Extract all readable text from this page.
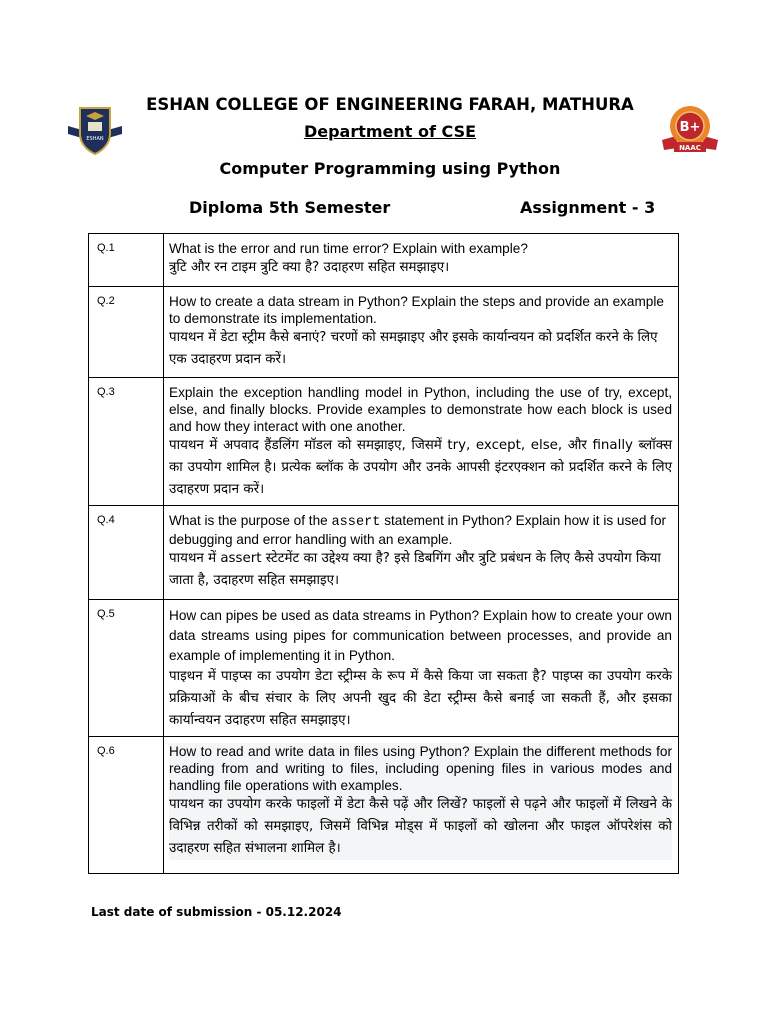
ESHAN
B+
NAAC
ESHAN COLLEGE OF ENGINEERING FARAH, MATHURA
Department of CSE
Computer Programming using Python
Diploma 5th Semester	Assignment - 3
Q.1	What is the error and run time error? Explain with example?
त्रुटि और रन टाइम त्रुटि क्या है? उदाहरण सहित समझाइए।

Q.2	How to create a data stream in Python? Explain the steps and provide an example to demonstrate its implementation.
पायथन में डेटा स्ट्रीम कैसे बनाएं? चरणों को समझाइए और इसके कार्यान्वयन को प्रदर्शित करने के लिए एक उदाहरण प्रदान करें।

Q.3	Explain the exception handling model in Python, including the use of try, except, else, and finally blocks. Provide examples to demonstrate how each block is used and how they interact with one another.
पायथन में अपवाद हैंडलिंग मॉडल को समझाइए, जिसमें try, except, else, और finally ब्लॉक्स का उपयोग शामिल है। प्रत्येक ब्लॉक के उपयोग और उनके आपसी इंटरएक्शन को प्रदर्शित करने के लिए उदाहरण प्रदान करें।

Q.4	What is the purpose of the assert statement in Python? Explain how it is used for debugging and error handling with an example.
पायथन में assert स्टेटमेंट का उद्देश्य क्या है? इसे डिबगिंग और त्रुटि प्रबंधन के लिए कैसे उपयोग किया जाता है, उदाहरण सहित समझाइए।

Q.5	How can pipes be used as data streams in Python? Explain how to create your own data streams using pipes for communication between processes, and provide an example of implementing it in Python.
पाइथन में पाइप्स का उपयोग डेटा स्ट्रीम्स के रूप में कैसे किया जा सकता है? पाइप्स का उपयोग करके प्रक्रियाओं के बीच संचार के लिए अपनी खुद की डेटा स्ट्रीम्स कैसे बनाई जा सकती हैं, और इसका कार्यान्वयन उदाहरण सहित समझाइए।

Q.6	How to read and write data in files using Python? Explain the different methods for reading from and writing to files, including opening files in various modes and handling file operations with examples.
पायथन का उपयोग करके फाइलों में डेटा कैसे पढ़ें और लिखें? फाइलों से पढ़ने और फाइलों में लिखने के विभिन्न तरीकों को समझाइए, जिसमें विभिन्न मोड्स में फाइलों को खोलना और फाइल ऑपरेशंस को उदाहरण सहित संभालना शामिल है।
Last date of submission - 05.12.2024
